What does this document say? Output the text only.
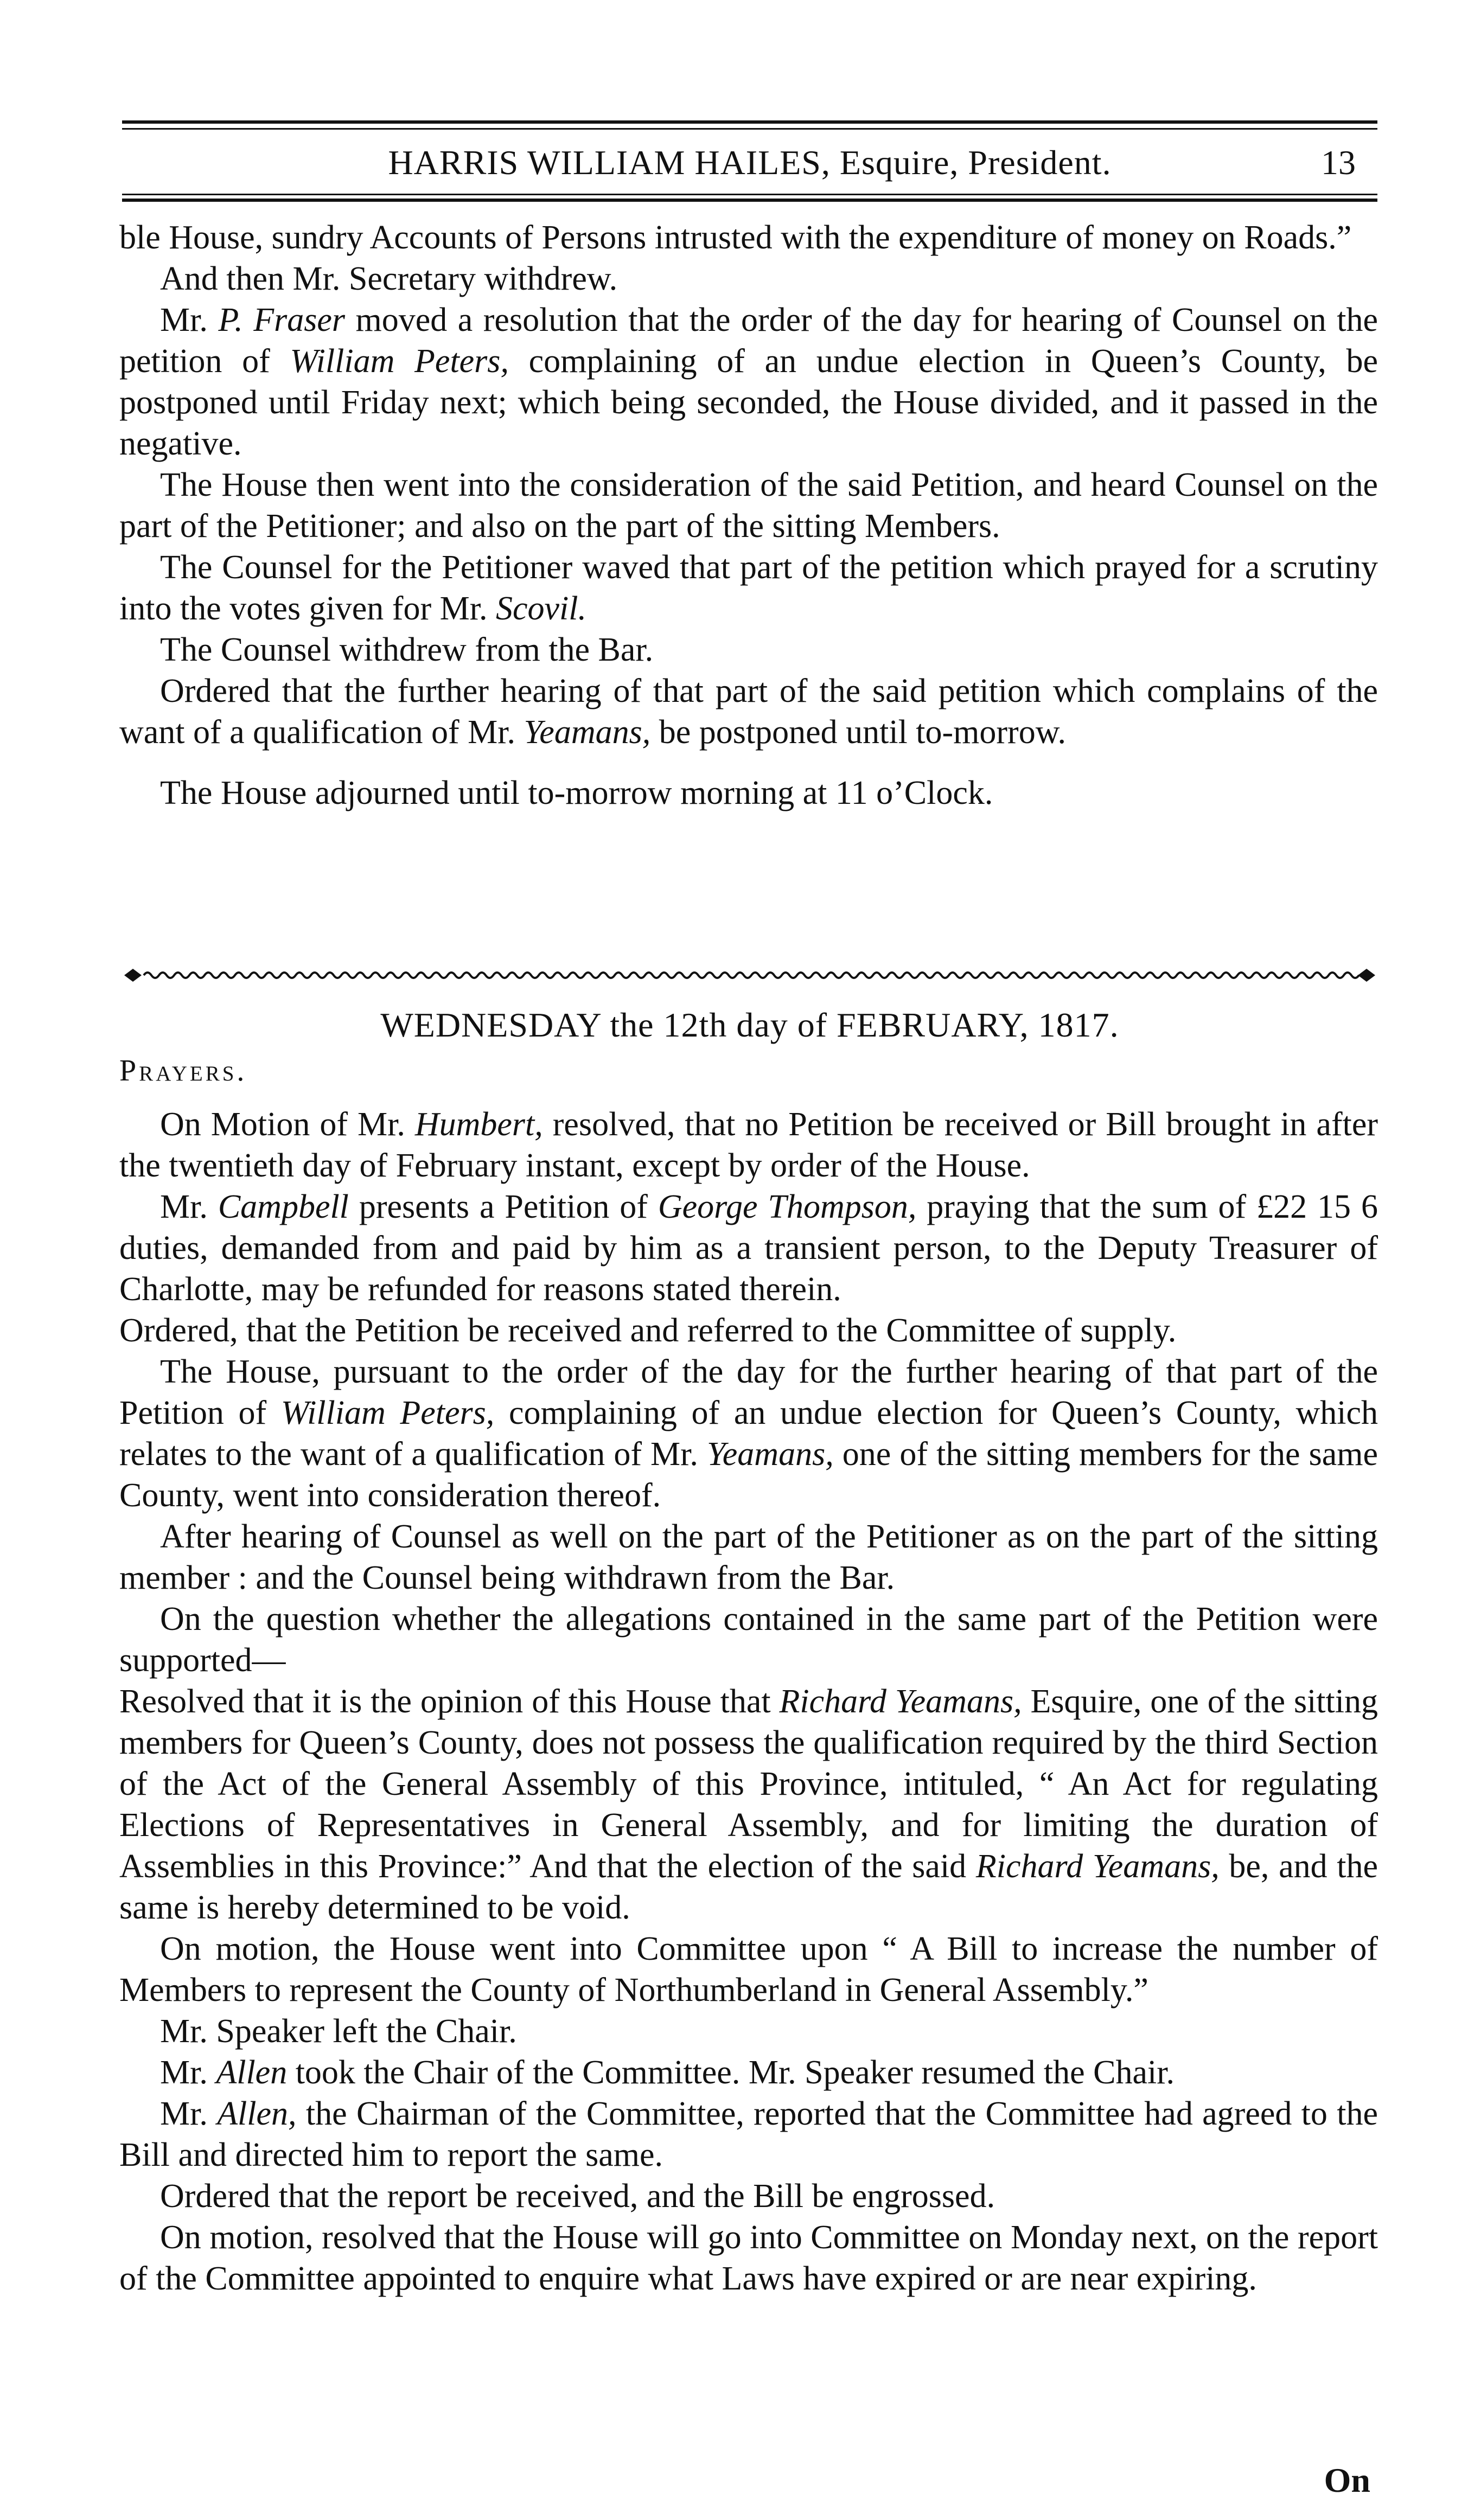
HARRIS WILLIAM HAILES, Esquire, President.	13

ble House, sundry Accounts of Persons intrusted with the expenditure of money on Roads.”

And then Mr. Secretary withdrew.

Mr. P. Fraser moved a resolution that the order of the day for hearing of Counsel on the petition of William Peters, complaining of an undue election in Queen’s County, be postponed until Friday next; which being seconded, the House divided, and it passed in the negative.

The House then went into the consideration of the said Petition, and heard Counsel on the part of the Petitioner; and also on the part of the sitting Members.

The Counsel for the Petitioner waved that part of the petition which prayed for a scrutiny into the votes given for Mr. Scovil.

The Counsel withdrew from the Bar.

Ordered that the further hearing of that part of the said petition which complains of the want of a qualification of Mr. Yeamans, be postponed until to-morrow.

The House adjourned until to-morrow morning at 11 o’Clock.

WEDNESDAY the 12th day of FEBRUARY, 1817.
Prayers.

On Motion of Mr. Humbert, resolved, that no Petition be received or Bill brought in after the twentieth day of February instant, except by order of the House.

Mr. Campbell presents a Petition of George Thompson, praying that the sum of £22 15 6 duties, demanded from and paid by him as a transient person, to the Deputy Treasurer of Charlotte, may be refunded for reasons stated therein.

Ordered, that the Petition be received and referred to the Committee of supply.

The House, pursuant to the order of the day for the further hearing of that part of the Petition of William Peters, complaining of an undue election for Queen’s County, which relates to the want of a qualification of Mr. Yeamans, one of the sitting members for the same County, went into consideration thereof.

After hearing of Counsel as well on the part of the Petitioner as on the part of the sitting member : and the Counsel being withdrawn from the Bar.

On the question whether the allegations contained in the same part of the Petition were supported—

Resolved that it is the opinion of this House that Richard Yeamans, Esquire, one of the sitting members for Queen’s County, does not possess the qualification required by the third Section of the Act of the General Assembly of this Province, intituled, “ An Act for regulating Elections of Representatives in General Assembly, and for limiting the duration of Assemblies in this Province:” And that the election of the said Richard Yeamans, be, and the same is hereby determined to be void.

On motion, the House went into Committee upon “ A Bill to increase the number of Members to represent the County of Northumberland in General Assembly.”

Mr. Speaker left the Chair.

Mr. Allen took the Chair of the Committee. Mr. Speaker resumed the Chair.

Mr. Allen, the Chairman of the Committee, reported that the Committee had agreed to the Bill and directed him to report the same.

Ordered that the report be received, and the Bill be engrossed.

On motion, resolved that the House will go into Committee on Monday next, on the report of the Committee appointed to enquire what Laws have expired or are near expiring.

On
